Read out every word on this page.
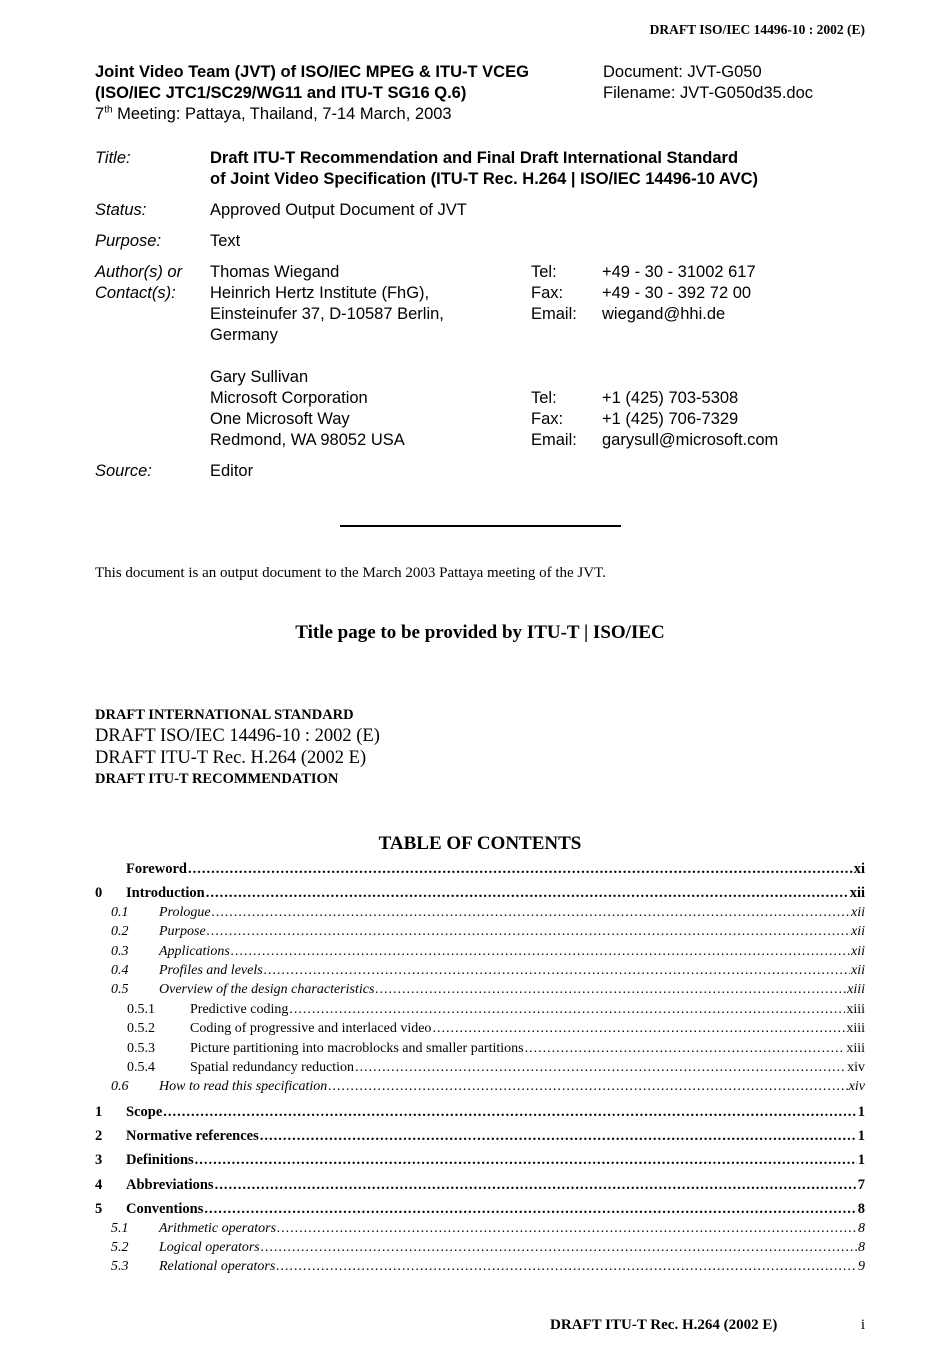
DRAFT ISO/IEC 14496-10 : 2002 (E)
Joint Video Team (JVT) of ISO/IEC MPEG & ITU-T VCEG
(ISO/IEC JTC1/SC29/WG11 and ITU-T SG16 Q.6)
7th Meeting: Pattaya, Thailand, 7-14 March, 2003
Document: JVT-G050
Filename: JVT-G050d35.doc
Title:	Draft ITU-T Recommendation and Final Draft International Standard
of Joint Video Specification (ITU-T Rec. H.264 | ISO/IEC 14496-10 AVC)
Status:	Approved Output Document of JVT
Purpose:	Text
Author(s) or
Contact(s):
Thomas Wiegand	Tel:	+49 - 30 - 31002 617
Heinrich Hertz Institute (FhG),	Fax:	+49 - 30 - 392 72 00
Einsteinufer 37, D-10587 Berlin,	Email:	wiegand@hhi.de
Germany
Gary Sullivan
Microsoft Corporation	Tel:	+1 (425) 703-5308
One Microsoft Way	Fax:	+1 (425) 706-7329
Redmond, WA 98052 USA	Email:	garysull@microsoft.com
Source:	Editor
This document is an output document to the March 2003 Pattaya meeting of the JVT.
Title page to be provided by ITU-T | ISO/IEC
DRAFT INTERNATIONAL STANDARD
DRAFT ISO/IEC 14496-10 : 2002 (E)
DRAFT ITU-T Rec. H.264 (2002 E)
DRAFT ITU-T RECOMMENDATION
TABLE OF CONTENTS
Foreword .....	xi
0	Introduction .....	xii
0.1	Prologue .....	xii
0.2	Purpose .....	xii
0.3	Applications .....	xii
0.4	Profiles and levels .....	xii
0.5	Overview of the design characteristics .....	xiii
0.5.1	Predictive coding .....	xiii
0.5.2	Coding of progressive and interlaced video .....	xiii
0.5.3	Picture partitioning into macroblocks and smaller partitions .....	xiii
0.5.4	Spatial redundancy reduction .....	xiv
0.6	How to read this specification .....	xiv
1	Scope .....	1
2	Normative references .....	1
3	Definitions .....	1
4	Abbreviations .....	7
5	Conventions .....	8
5.1	Arithmetic operators .....	8
5.2	Logical operators .....	8
5.3	Relational operators .....	9
DRAFT ITU-T Rec. H.264 (2002 E)	i
